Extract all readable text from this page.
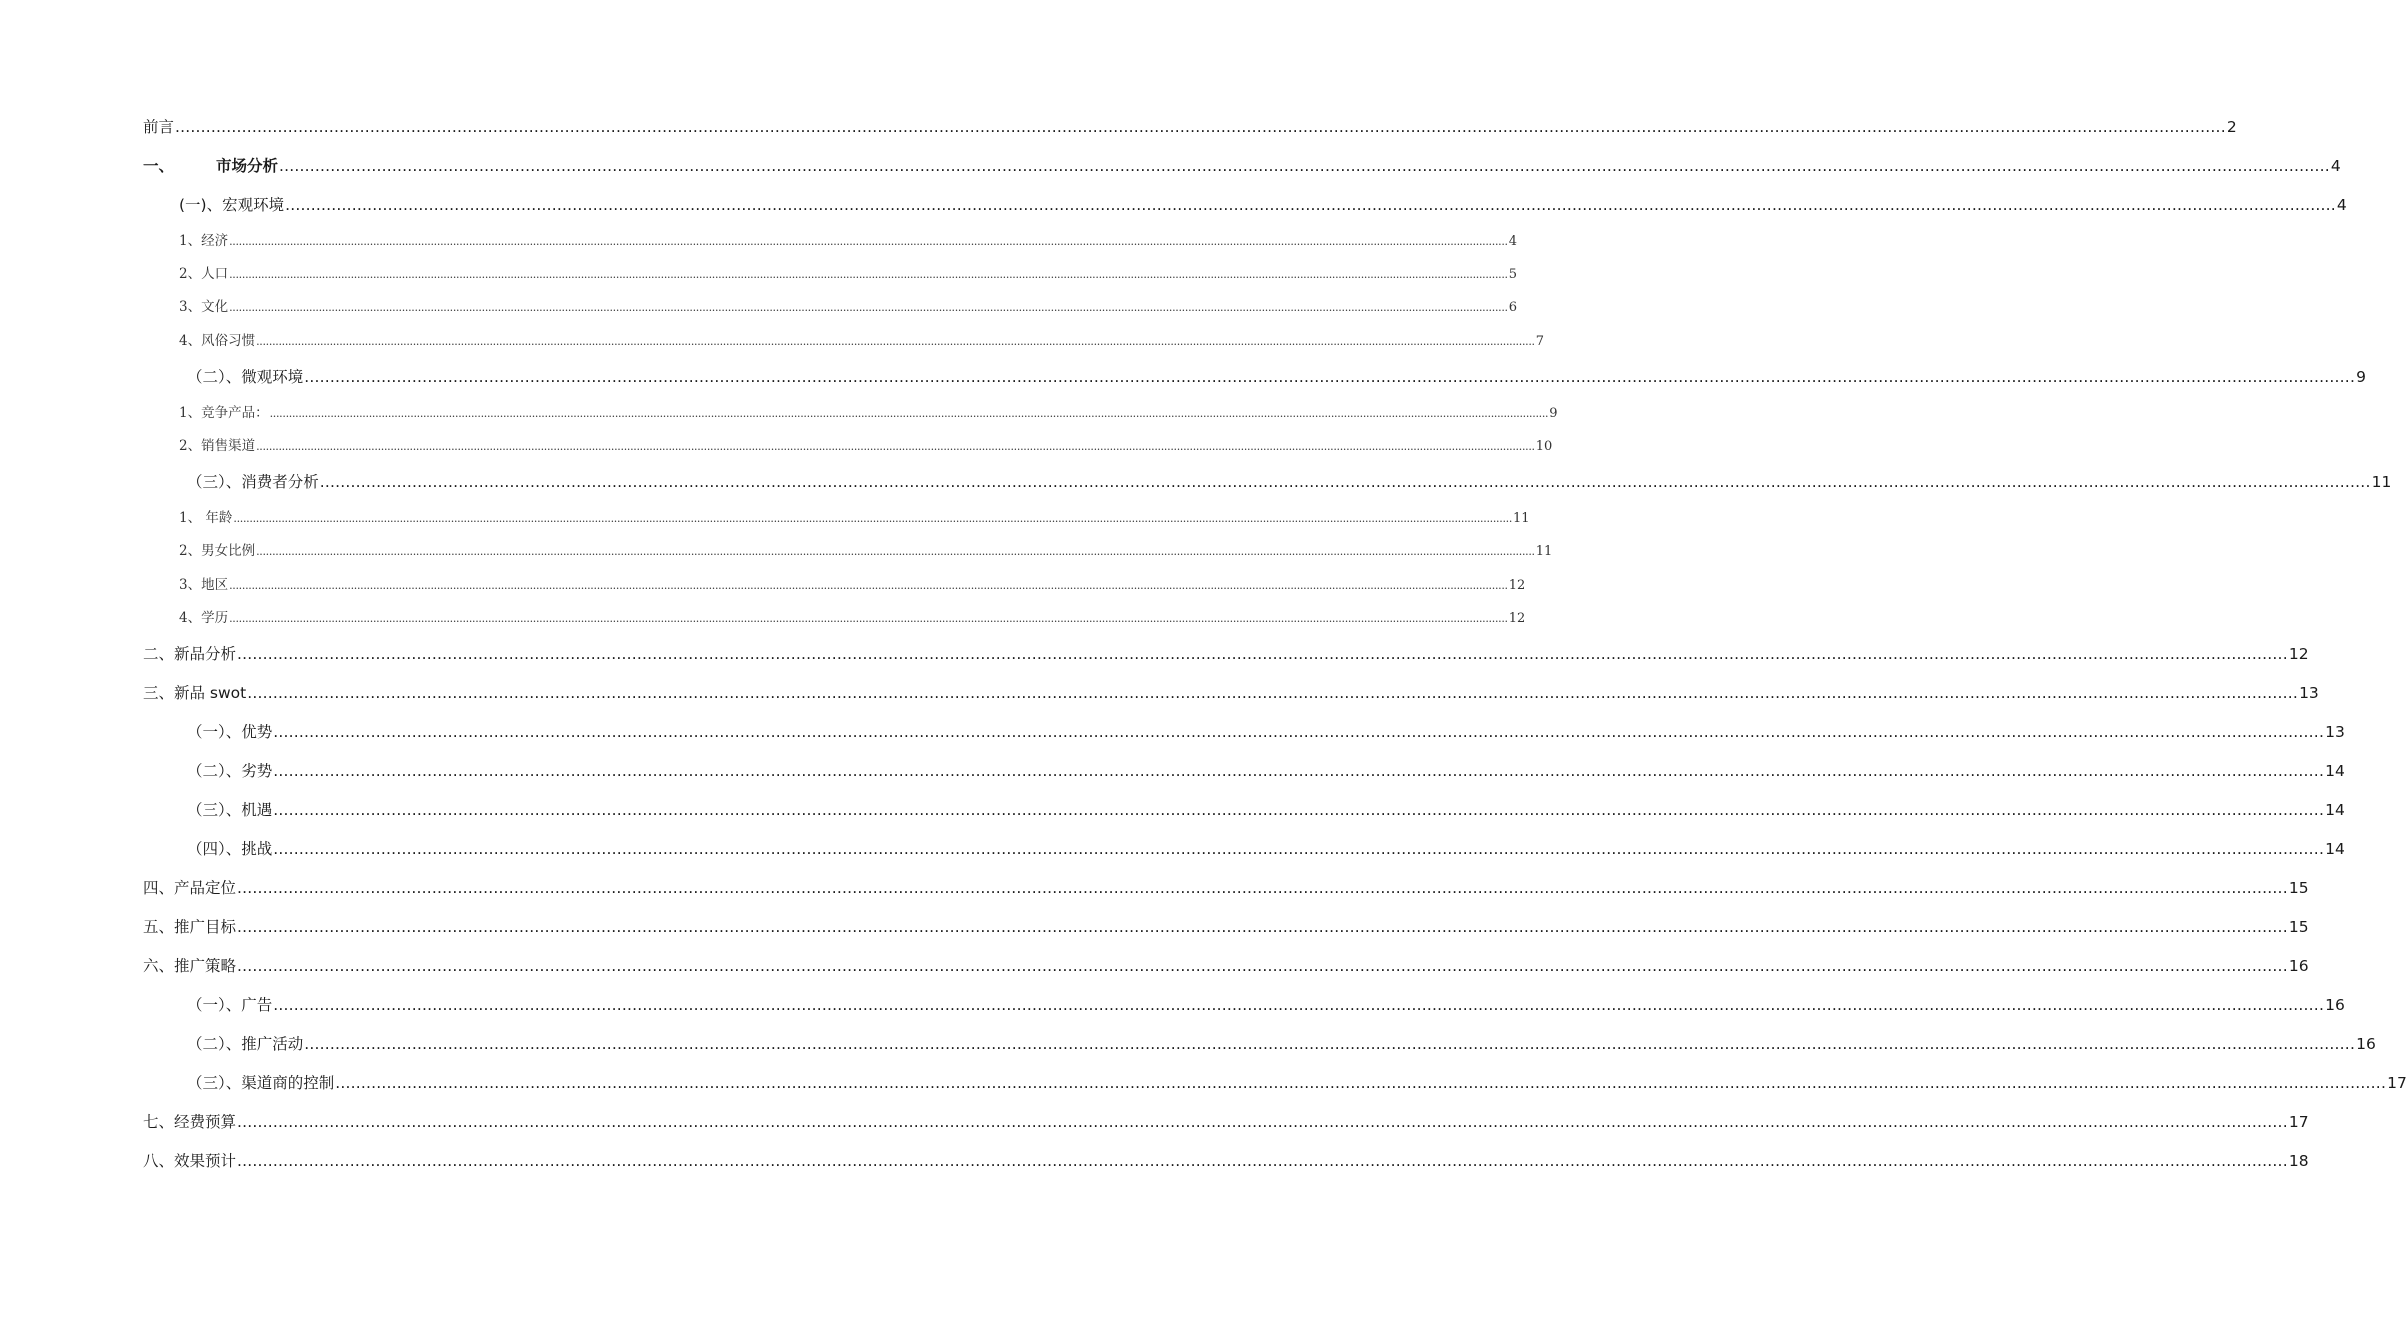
前言 ................................................................................................................................................................................................................................................................................................................................................................................................................ 2
一、	市场分析 ................................................................................................................................................................................................................................................................................................................................................................................................................ 4
(一)、宏观环境 ................................................................................................................................................................................................................................................................................................................................................................................................................ 4
1、经济 ................................................................................................................................................................................................................................................................................................................................................................................................................ 4
2、人口 ................................................................................................................................................................................................................................................................................................................................................................................................................ 5
3、文化 ................................................................................................................................................................................................................................................................................................................................................................................................................ 6
4、风俗习惯 ................................................................................................................................................................................................................................................................................................................................................................................................................ 7
（二）、微观环境 ................................................................................................................................................................................................................................................................................................................................................................................................................ 9
1、竞争产品： ................................................................................................................................................................................................................................................................................................................................................................................................................ 9
2、销售渠道 ................................................................................................................................................................................................................................................................................................................................................................................................................ 10
（三）、消费者分析 ................................................................................................................................................................................................................................................................................................................................................................................................................ 11
1、 年龄 ................................................................................................................................................................................................................................................................................................................................................................................................................ 11
2、男女比例 ................................................................................................................................................................................................................................................................................................................................................................................................................ 11
3、地区 ................................................................................................................................................................................................................................................................................................................................................................................................................ 12
4、学历 ................................................................................................................................................................................................................................................................................................................................................................................................................ 12
二、新品分析 ................................................................................................................................................................................................................................................................................................................................................................................................................ 12
三、新品 swot ................................................................................................................................................................................................................................................................................................................................................................................................................ 13
（一）、优势 ................................................................................................................................................................................................................................................................................................................................................................................................................ 13
（二）、劣势 ................................................................................................................................................................................................................................................................................................................................................................................................................ 14
（三）、机遇 ................................................................................................................................................................................................................................................................................................................................................................................................................ 14
（四）、挑战 ................................................................................................................................................................................................................................................................................................................................................................................................................ 14
四、产品定位 ................................................................................................................................................................................................................................................................................................................................................................................................................ 15
五、推广目标 ................................................................................................................................................................................................................................................................................................................................................................................................................ 15
六、推广策略 ................................................................................................................................................................................................................................................................................................................................................................................................................ 16
（一）、广告 ................................................................................................................................................................................................................................................................................................................................................................................................................ 16
（二）、推广活动 ................................................................................................................................................................................................................................................................................................................................................................................................................ 16
（三）、渠道商的控制 ................................................................................................................................................................................................................................................................................................................................................................................................................ 17
七、经费预算 ................................................................................................................................................................................................................................................................................................................................................................................................................ 17
八、效果预计 ................................................................................................................................................................................................................................................................................................................................................................................................................ 18
